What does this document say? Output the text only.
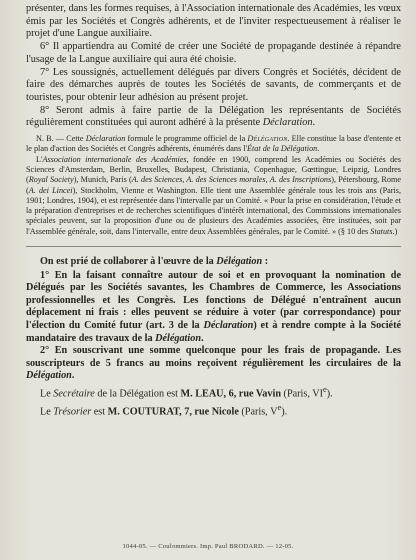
présenter, dans les formes requises, à l'Association internationale des Académies, les vœux émis par les Sociétés et Congrès adhérents, et de l'inviter respectueusement à réaliser le projet d'une Langue auxiliaire.

6° Il appartiendra au Comité de créer une Société de propagande destinée à répandre l'usage de la Langue auxiliaire qui aura été choisie.

7° Les soussignés, actuellement délégués par divers Congrès et Sociétés, décident de faire des démarches auprès de toutes les Sociétés de savants, de commerçants et de touristes, pour obtenir leur adhésion au présent projet.

8° Seront admis à faire partie de la Délégation les représentants de Sociétés régulièrement constituées qui auront adhéré à la présente Déclaration.

N. B. — Cette Déclaration formule le programme officiel de la Délégation. Elle constitue la base d'entente et le plan d'action des Sociétés et Congrès adhérents, énumérés dans l'État de la Délégation.

L'Association internationale des Académies, fondée en 1900, comprend les Académies ou Sociétés des Sciences d'Amsterdam, Berlin, Bruxelles, Budapest, Christiania, Copenhague, Gœttingue, Leipzig, Londres (Royal Society), Munich, Paris (A. des Sciences, A. des Sciences morales, A. des Inscriptions), Pétersbourg, Rome (A. dei Lincei), Stockholm, Vienne et Washington. Elle tient une Assemblée générale tous les trois ans (Paris, 1901; Londres, 1904), et est représentée dans l'intervalle par un Comité. « Pour la prise en considération, l'étude et la préparation d'entreprises et de recherches scientifiques d'intérêt international, des Commissions internationales spéciales peuvent, sur la proposition d'une ou de plusieurs des Académies associées, être instituées, soit par l'Assemblée générale, soit, dans l'intervalle, entre deux Assemblées générales, par le Comité. » (§ 10 des Statuts.)

On est prié de collaborer à l'œuvre de la Délégation :

1° En la faisant connaître autour de soi et en provoquant la nomination de Délégués par les Sociétés savantes, les Chambres de Commerce, les Associations professionnelles et les Congrès. Les fonctions de Délégué n'entraînent aucun déplacement ni frais : elles peuvent se réduire à voter (par correspondance) pour l'élection du Comité futur (art. 3 de la Déclaration) et à rendre compte à la Société mandataire des travaux de la Délégation.

2° En souscrivant une somme quelconque pour les frais de propagande. Les souscripteurs de 5 francs au moins reçoivent régulièrement les circulaires de la Délégation.

Le Secrétaire de la Délégation est M. LEAU, 6, rue Vavin (Paris, VIe).

Le Trésorier est M. COUTURAT, 7, rue Nicole (Paris, Ve).

1044-05. — Coulommiers. Imp. Paul BRODARD. — 12-05.
